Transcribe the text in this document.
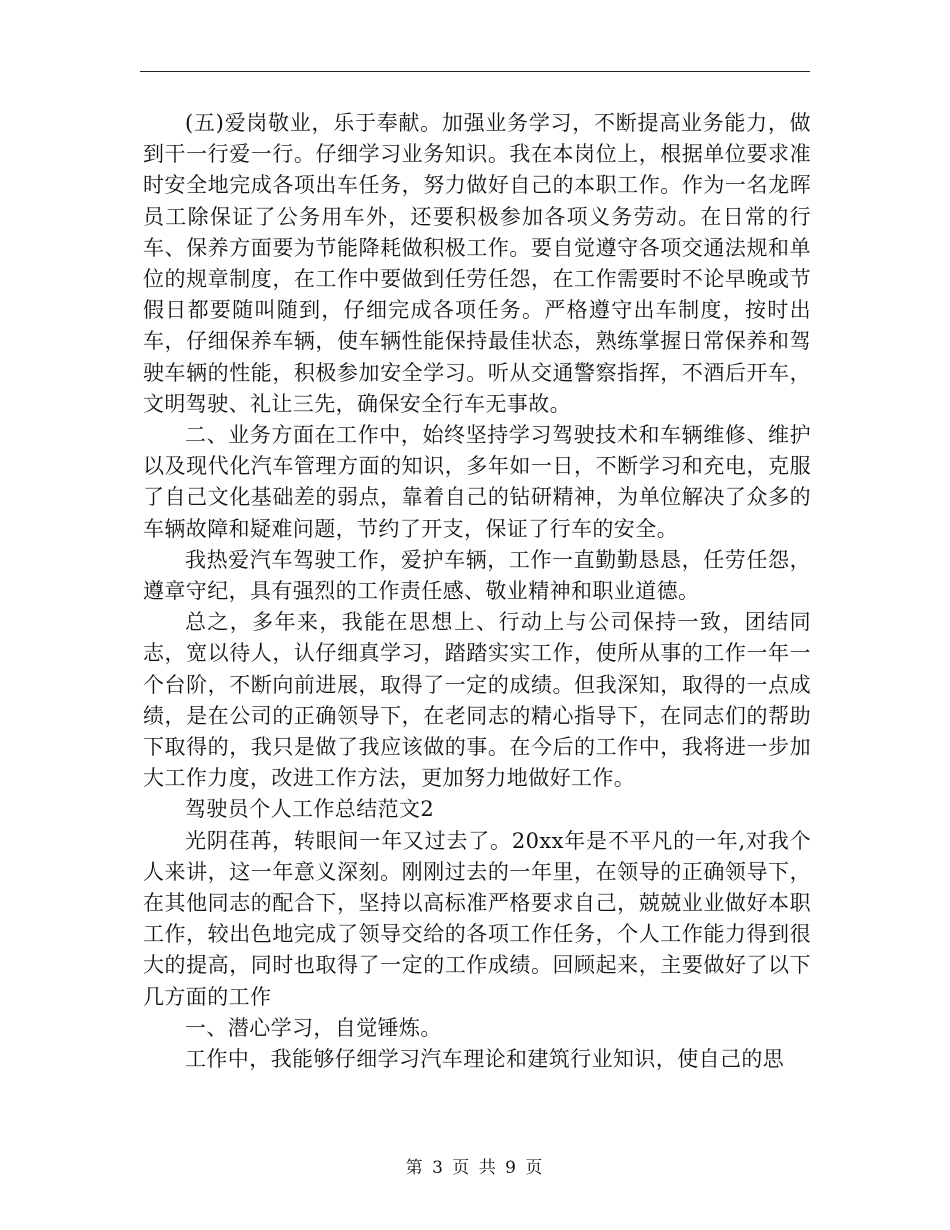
(五)爱岗敬业，乐于奉献。加强业务学习，不断提高业务能力，做到干一行爱一行。仔细学习业务知识。我在本岗位上，根据单位要求准时安全地完成各项出车任务，努力做好自己的本职工作。作为一名龙晖员工除保证了公务用车外，还要积极参加各项义务劳动。在日常的行车、保养方面要为节能降耗做积极工作。要自觉遵守各项交通法规和单位的规章制度，在工作中要做到任劳任怨，在工作需要时不论早晚或节假日都要随叫随到，仔细完成各项任务。严格遵守出车制度，按时出车，仔细保养车辆，使车辆性能保持最佳状态，熟练掌握日常保养和驾驶车辆的性能，积极参加安全学习。听从交通警察指挥，不酒后开车，文明驾驶、礼让三先，确保安全行车无事故。

二、业务方面在工作中，始终坚持学习驾驶技术和车辆维修、维护以及现代化汽车管理方面的知识，多年如一日，不断学习和充电，克服了自己文化基础差的弱点，靠着自己的钻研精神，为单位解决了众多的车辆故障和疑难问题，节约了开支，保证了行车的安全。

我热爱汽车驾驶工作，爱护车辆，工作一直勤勤恳恳，任劳任怨，遵章守纪，具有强烈的工作责任感、敬业精神和职业道德。

总之，多年来，我能在思想上、行动上与公司保持一致，团结同志，宽以待人，认仔细真学习，踏踏实实工作，使所从事的工作一年一个台阶，不断向前进展，取得了一定的成绩。但我深知，取得的一点成绩，是在公司的正确领导下，在老同志的精心指导下，在同志们的帮助下取得的，我只是做了我应该做的事。在今后的工作中，我将进一步加大工作力度，改进工作方法，更加努力地做好工作。

驾驶员个人工作总结范文2

光阴荏苒，转眼间一年又过去了。20xx年是不平凡的一年,对我个人来讲，这一年意义深刻。刚刚过去的一年里，在领导的正确领导下，在其他同志的配合下，坚持以高标准严格要求自己，兢兢业业做好本职工作，较出色地完成了领导交给的各项工作任务，个人工作能力得到很大的提高，同时也取得了一定的工作成绩。回顾起来，主要做好了以下几方面的工作

一、潜心学习，自觉锤炼。

工作中，我能够仔细学习汽车理论和建筑行业知识，使自己的思

第 3 页 共 9 页
